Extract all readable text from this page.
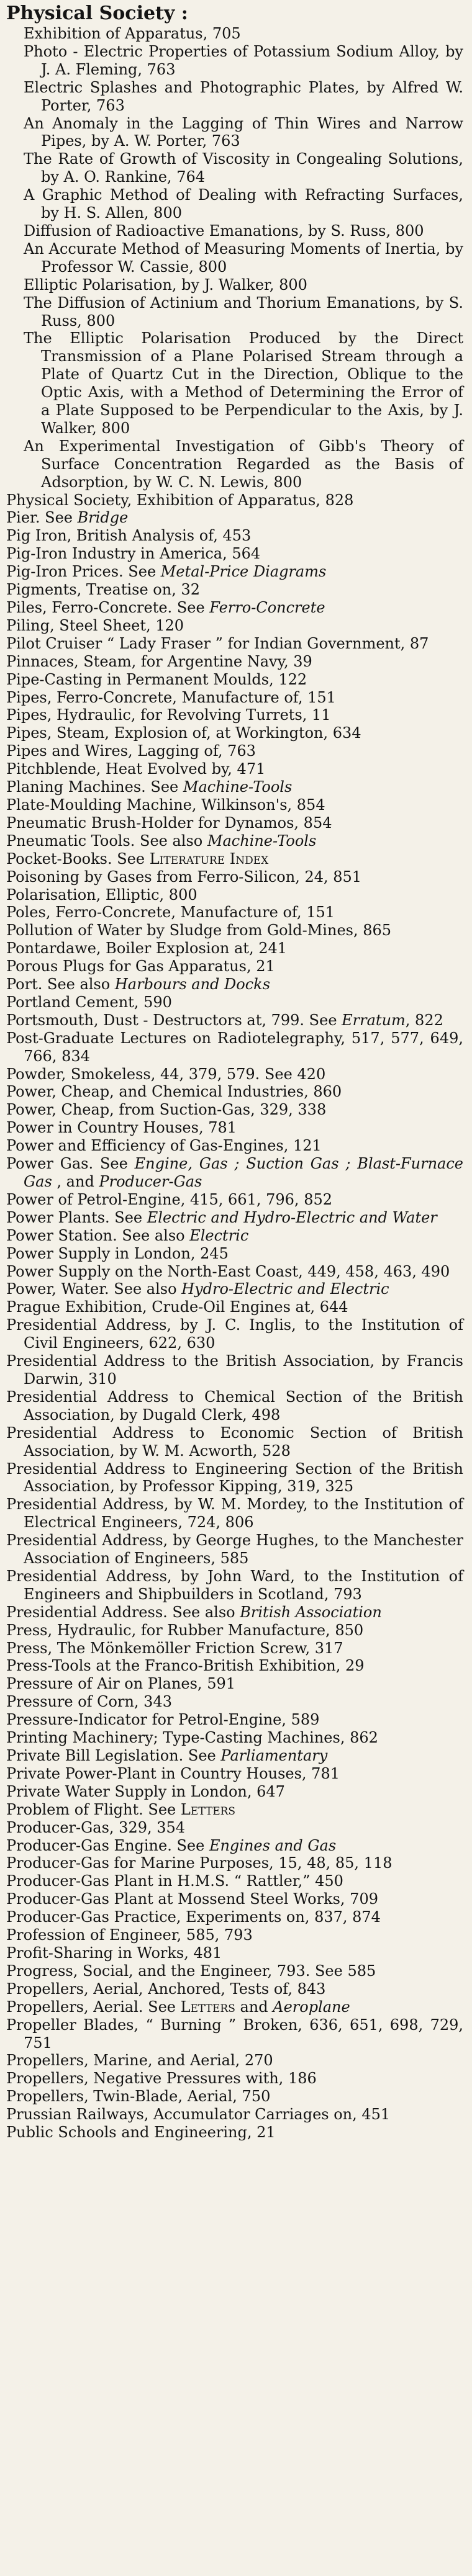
Physical Society :

Exhibition of Apparatus, 705

Photo - Electric Properties of Potassium Sodium Alloy, by J. A. Fleming, 763

Electric Splashes and Photographic Plates, by Alfred W. Porter, 763

An Anomaly in the Lagging of Thin Wires and Narrow Pipes, by A. W. Porter, 763

The Rate of Growth of Viscosity in Congealing Solutions, by A. O. Rankine, 764

A Graphic Method of Dealing with Refracting Surfaces, by H. S. Allen, 800

Diffusion of Radioactive Emanations, by S. Russ, 800

An Accurate Method of Measuring Moments of Inertia, by Professor W. Cassie, 800

Elliptic Polarisation, by J. Walker, 800

The Diffusion of Actinium and Thorium Emanations, by S. Russ, 800

The Elliptic Polarisation Produced by the Direct Transmission of a Plane Polarised Stream through a Plate of Quartz Cut in the Direction, Oblique to the Optic Axis, with a Method of Determining the Error of a Plate Supposed to be Perpendicular to the Axis, by J. Walker, 800

An Experimental Investigation of Gibb's Theory of Surface Concentration Regarded as the Basis of Adsorption, by W. C. N. Lewis, 800

Physical Society, Exhibition of Apparatus, 828

Pier. See Bridge

Pig Iron, British Analysis of, 453

Pig-Iron Industry in America, 564

Pig-Iron Prices. See Metal-Price Diagrams

Pigments, Treatise on, 32

Piles, Ferro-Concrete. See Ferro-Concrete

Piling, Steel Sheet, 120

Pilot Cruiser “ Lady Fraser ” for Indian Government, 87

Pinnaces, Steam, for Argentine Navy, 39

Pipe-Casting in Permanent Moulds, 122

Pipes, Ferro-Concrete, Manufacture of, 151

Pipes, Hydraulic, for Revolving Turrets, 11

Pipes, Steam, Explosion of, at Workington, 634

Pipes and Wires, Lagging of, 763

Pitchblende, Heat Evolved by, 471

Planing Machines. See Machine-Tools

Plate-Moulding Machine, Wilkinson's, 854

Pneumatic Brush-Holder for Dynamos, 854

Pneumatic Tools. See also Machine-Tools

Pocket-Books. See Literature Index

Poisoning by Gases from Ferro-Silicon, 24, 851

Polarisation, Elliptic, 800

Poles, Ferro-Concrete, Manufacture of, 151

Pollution of Water by Sludge from Gold-Mines, 865

Pontardawe, Boiler Explosion at, 241

Porous Plugs for Gas Apparatus, 21

Port. See also Harbours and Docks

Portland Cement, 590

Portsmouth, Dust - Destructors at, 799. See Erratum, 822

Post-Graduate Lectures on Radiotelegraphy, 517, 577, 649, 766, 834

Powder, Smokeless, 44, 379, 579. See 420

Power, Cheap, and Chemical Industries, 860

Power, Cheap, from Suction-Gas, 329, 338

Power in Country Houses, 781

Power and Efficiency of Gas-Engines, 121

Power Gas. See Engine, Gas ; Suction Gas ; Blast-Furnace Gas , and Producer-Gas

Power of Petrol-Engine, 415, 661, 796, 852

Power Plants. See Electric and Hydro-Electric and Water

Power Station. See also Electric

Power Supply in London, 245

Power Supply on the North-East Coast, 449, 458, 463, 490

Power, Water. See also Hydro-Electric and Electric

Prague Exhibition, Crude-Oil Engines at, 644

Presidential Address, by J. C. Inglis, to the Institution of Civil Engineers, 622, 630

Presidential Address to the British Association, by Francis Darwin, 310

Presidential Address to Chemical Section of the British Association, by Dugald Clerk, 498

Presidential Address to Economic Section of British Association, by W. M. Acworth, 528

Presidential Address to Engineering Section of the British Association, by Professor Kipping, 319, 325

Presidential Address, by W. M. Mordey, to the Institution of Electrical Engineers, 724, 806

Presidential Address, by George Hughes, to the Manchester Association of Engineers, 585

Presidential Address, by John Ward, to the Institution of Engineers and Shipbuilders in Scotland, 793

Presidential Address. See also British Association

Press, Hydraulic, for Rubber Manufacture, 850

Press, The Mönkemöller Friction Screw, 317

Press-Tools at the Franco-British Exhibition, 29

Pressure of Air on Planes, 591

Pressure of Corn, 343

Pressure-Indicator for Petrol-Engine, 589

Printing Machinery; Type-Casting Machines, 862

Private Bill Legislation. See Parliamentary

Private Power-Plant in Country Houses, 781

Private Water Supply in London, 647

Problem of Flight. See Letters

Producer-Gas, 329, 354

Producer-Gas Engine. See Engines and Gas

Producer-Gas for Marine Purposes, 15, 48, 85, 118

Producer-Gas Plant in H.M.S. “ Rattler,” 450

Producer-Gas Plant at Mossend Steel Works, 709

Producer-Gas Practice, Experiments on, 837, 874

Profession of Engineer, 585, 793

Profit-Sharing in Works, 481

Progress, Social, and the Engineer, 793. See 585

Propellers, Aerial, Anchored, Tests of, 843

Propellers, Aerial. See Letters and Aeroplane

Propeller Blades, “ Burning ” Broken, 636, 651, 698, 729, 751

Propellers, Marine, and Aerial, 270

Propellers, Negative Pressures with, 186

Propellers, Twin-Blade, Aerial, 750

Prussian Railways, Accumulator Carriages on, 451

Public Schools and Engineering, 21
